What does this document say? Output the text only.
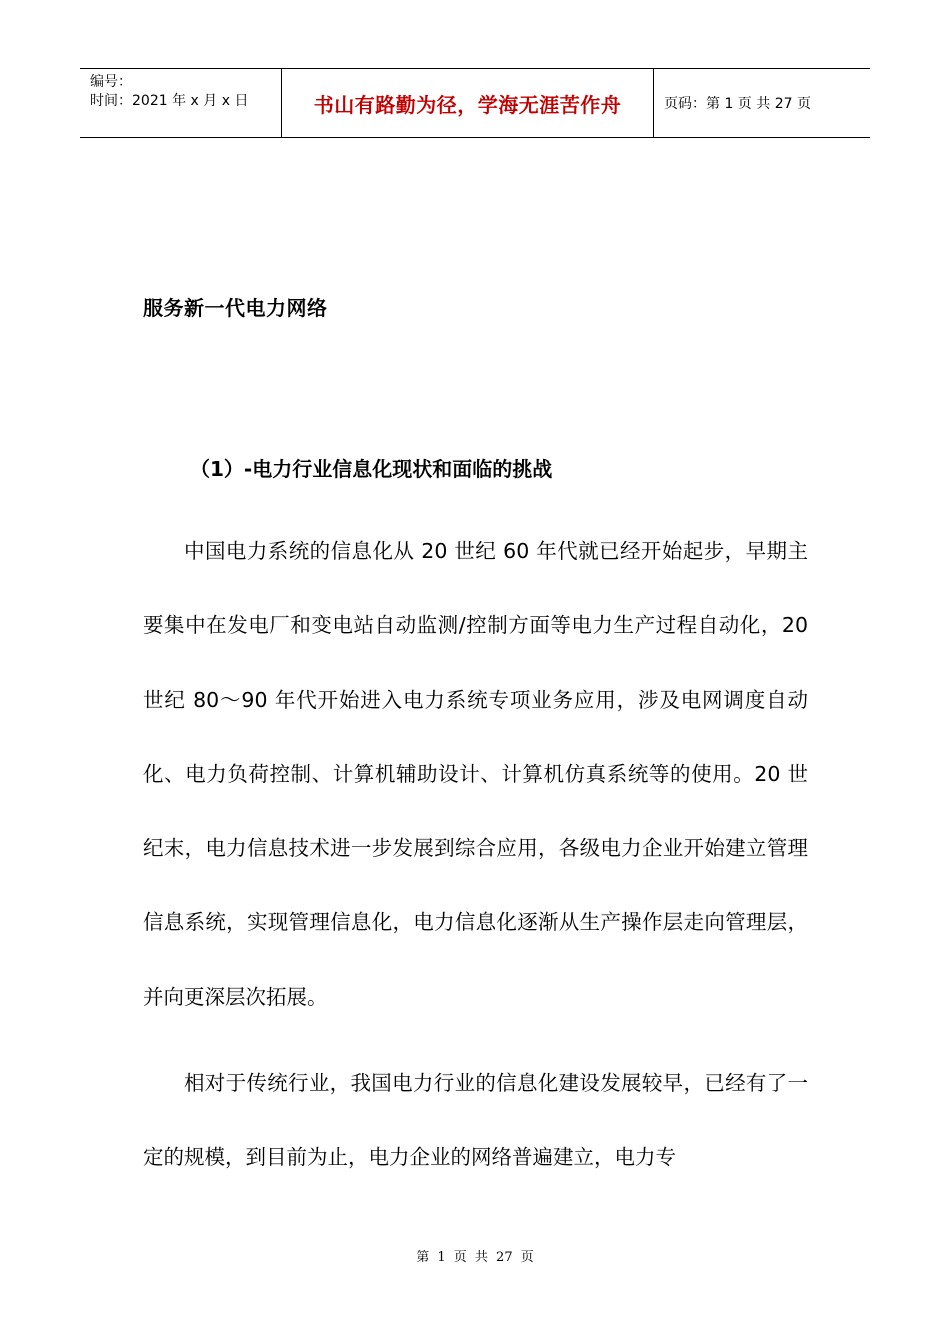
编号：
时间：2021 年 x 月 x 日	书山有路勤为径，学海无涯苦作舟	页码：第 1 页 共 27 页
服务新一代电力网络
（1）-电力行业信息化现状和面临的挑战

中国电力系统的信息化从 20 世纪 60 年代就已经开始起步，早期主要集中在发电厂和变电站自动监测/控制方面等电力生产过程自动化，20 世纪 80～90 年代开始进入电力系统专项业务应用，涉及电网调度自动化、电力负荷控制、计算机辅助设计、计算机仿真系统等的使用。20 世纪末，电力信息技术进一步发展到综合应用，各级电力企业开始建立管理信息系统，实现管理信息化，电力信息化逐渐从生产操作层走向管理层，并向更深层次拓展。

相对于传统行业，我国电力行业的信息化建设发展较早，已经有了一定的规模，到目前为止，电力企业的网络普遍建立，电力专

第 1 页 共 27 页
